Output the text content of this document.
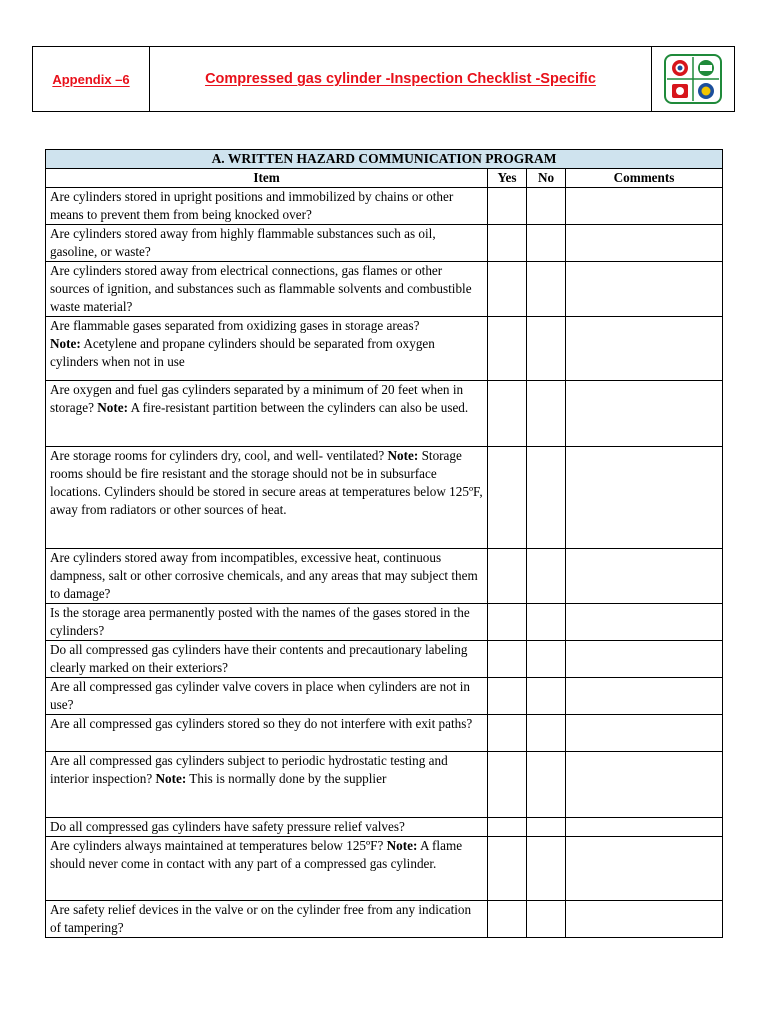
Appendix –6	Compressed gas cylinder -Inspection Checklist -Specific
A. WRITTEN HAZARD COMMUNICATION PROGRAM			
Item	Yes	No	Comments
Are cylinders stored in upright positions and immobilized by chains or other means to prevent them from being knocked over?			
Are cylinders stored away from highly flammable substances such as oil, gasoline, or waste?			
Are cylinders stored away from electrical connections, gas flames or other sources of ignition, and substances such as flammable solvents and combustible waste material?			
Are flammable gases separated from oxidizing gases in storage areas?
Note: Acetylene and propane cylinders should be separated from oxygen cylinders when not in use			
Are oxygen and fuel gas cylinders separated by a minimum of 20 feet when in storage? Note: A fire-resistant partition between the cylinders can also be used.			
Are storage rooms for cylinders dry, cool, and well- ventilated? Note: Storage rooms should be fire resistant and the storage should not be in subsurface locations. Cylinders should be stored in secure areas at temperatures below 125ºF, away from radiators or other sources of heat.			
Are cylinders stored away from incompatibles, excessive heat, continuous dampness, salt or other corrosive chemicals, and any areas that may subject them to damage?			
Is the storage area permanently posted with the names of the gases stored in the cylinders?			
Do all compressed gas cylinders have their contents and precautionary labeling clearly marked on their exteriors?			
Are all compressed gas cylinder valve covers in place when cylinders are not in use?			
Are all compressed gas cylinders stored so they do not interfere with exit paths?			
Are all compressed gas cylinders subject to periodic hydrostatic testing and interior inspection? Note: This is normally done by the supplier			
Do all compressed gas cylinders have safety pressure relief valves?			
Are cylinders always maintained at temperatures below 125ºF? Note: A flame should never come in contact with any part of a compressed gas cylinder.			
Are safety relief devices in the valve or on the cylinder free from any indication of tampering?			
